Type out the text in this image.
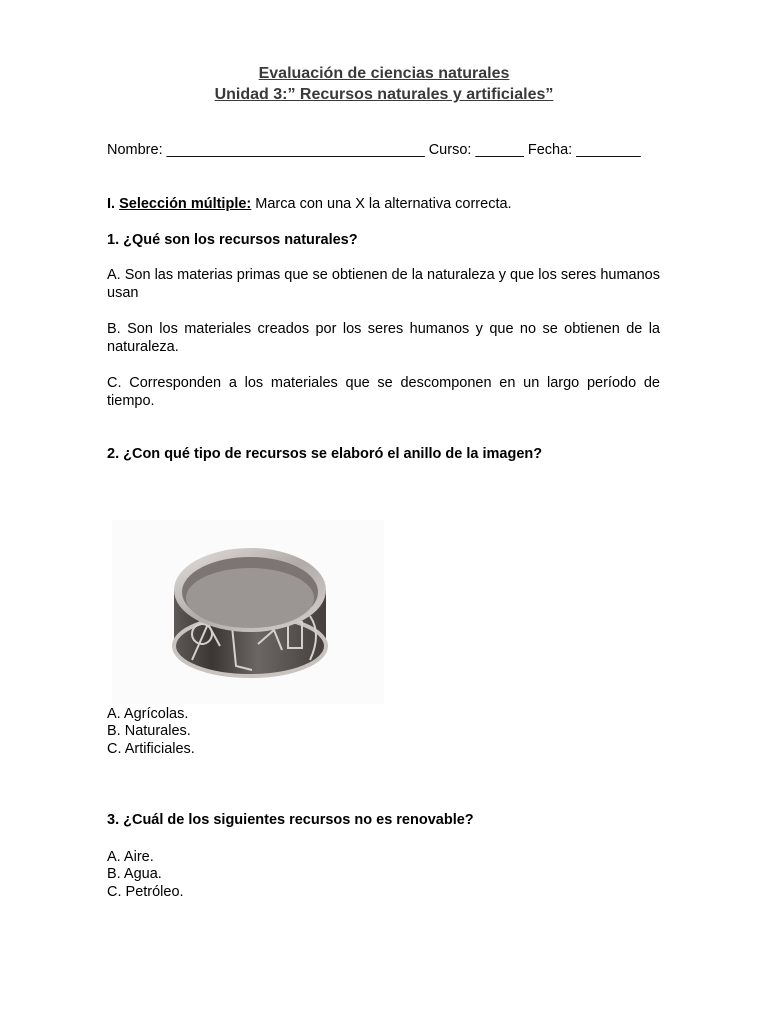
Evaluación de ciencias naturales
Unidad 3:” Recursos naturales y artificiales”
Nombre: ________________________________ Curso: ______ Fecha: ________
I. Selección múltiple: Marca con una X la alternativa correcta.
1. ¿Qué son los recursos naturales?
A. Son las materias primas que se obtienen de la naturaleza y que los seres humanos usan
B. Son los materiales creados por los seres humanos y que no se obtienen de la naturaleza.
C. Corresponden a los materiales que se descomponen en un largo período de tiempo.
2. ¿Con qué tipo de recursos se elaboró el anillo de la imagen?
A. Agrícolas.
B. Naturales.
C. Artificiales.
3. ¿Cuál de los siguientes recursos no es renovable?
A. Aire.
B. Agua.
C. Petróleo.
